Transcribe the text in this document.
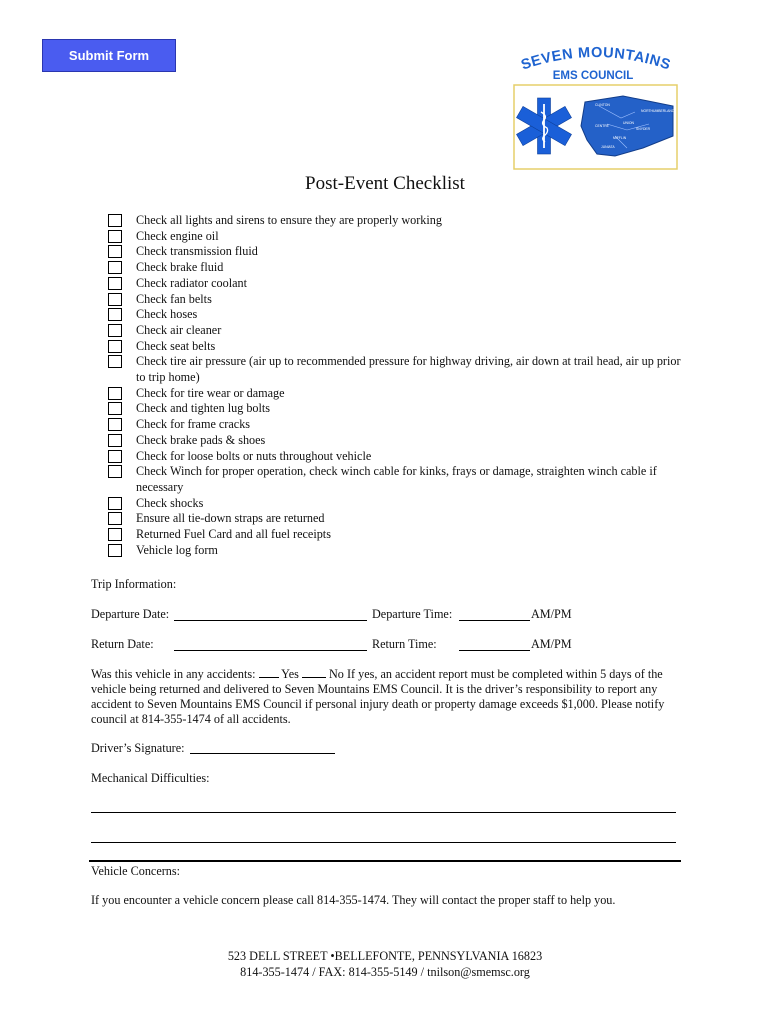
Submit Form	SEVEN MOUNTAINS
EMS COUNCIL
CLINTON
NORTHUMBERLAND
CENTRE
UNION
SNYDER
MIFFLIN
JUNIATA
Post-Event Checklist
Check all lights and sirens to ensure they are properly working
Check engine oil
Check transmission fluid
Check brake fluid
Check radiator coolant
Check fan belts
Check hoses
Check air cleaner
Check seat belts
Check tire air pressure (air up to recommended pressure for highway driving, air down at trail head, air up prior to trip home)
Check for tire wear or damage
Check and tighten lug bolts
Check for frame cracks
Check brake pads & shoes
Check for loose bolts or nuts throughout vehicle
Check Winch for proper operation, check winch cable for kinks, frays or damage, straighten winch cable if necessary
Check shocks
Ensure all tie-down straps are returned
Returned Fuel Card and all fuel receipts
Vehicle log form
Trip Information:
Departure Date:	Departure Time:	AM/PM
Return Date:	Return Time:	AM/PM
Was this vehicle in any accidents: Yes No If yes, an accident report must be completed within 5 days of the vehicle being returned and delivered to Seven Mountains EMS Council. It is the driver’s responsibility to report any accident to Seven Mountains EMS Council if personal injury death or property damage exceeds $1,000. Please notify council at 814-355-1474 of all accidents.
Driver’s Signature:
Mechanical Difficulties:
Vehicle Concerns:
If you encounter a vehicle concern please call 814-355-1474. They will contact the proper staff to help you.
523 DELL STREET •BELLEFONTE, PENNSYLVANIA 16823
814-355-1474 / FAX: 814-355-5149 / tnilson@smemsc.org
